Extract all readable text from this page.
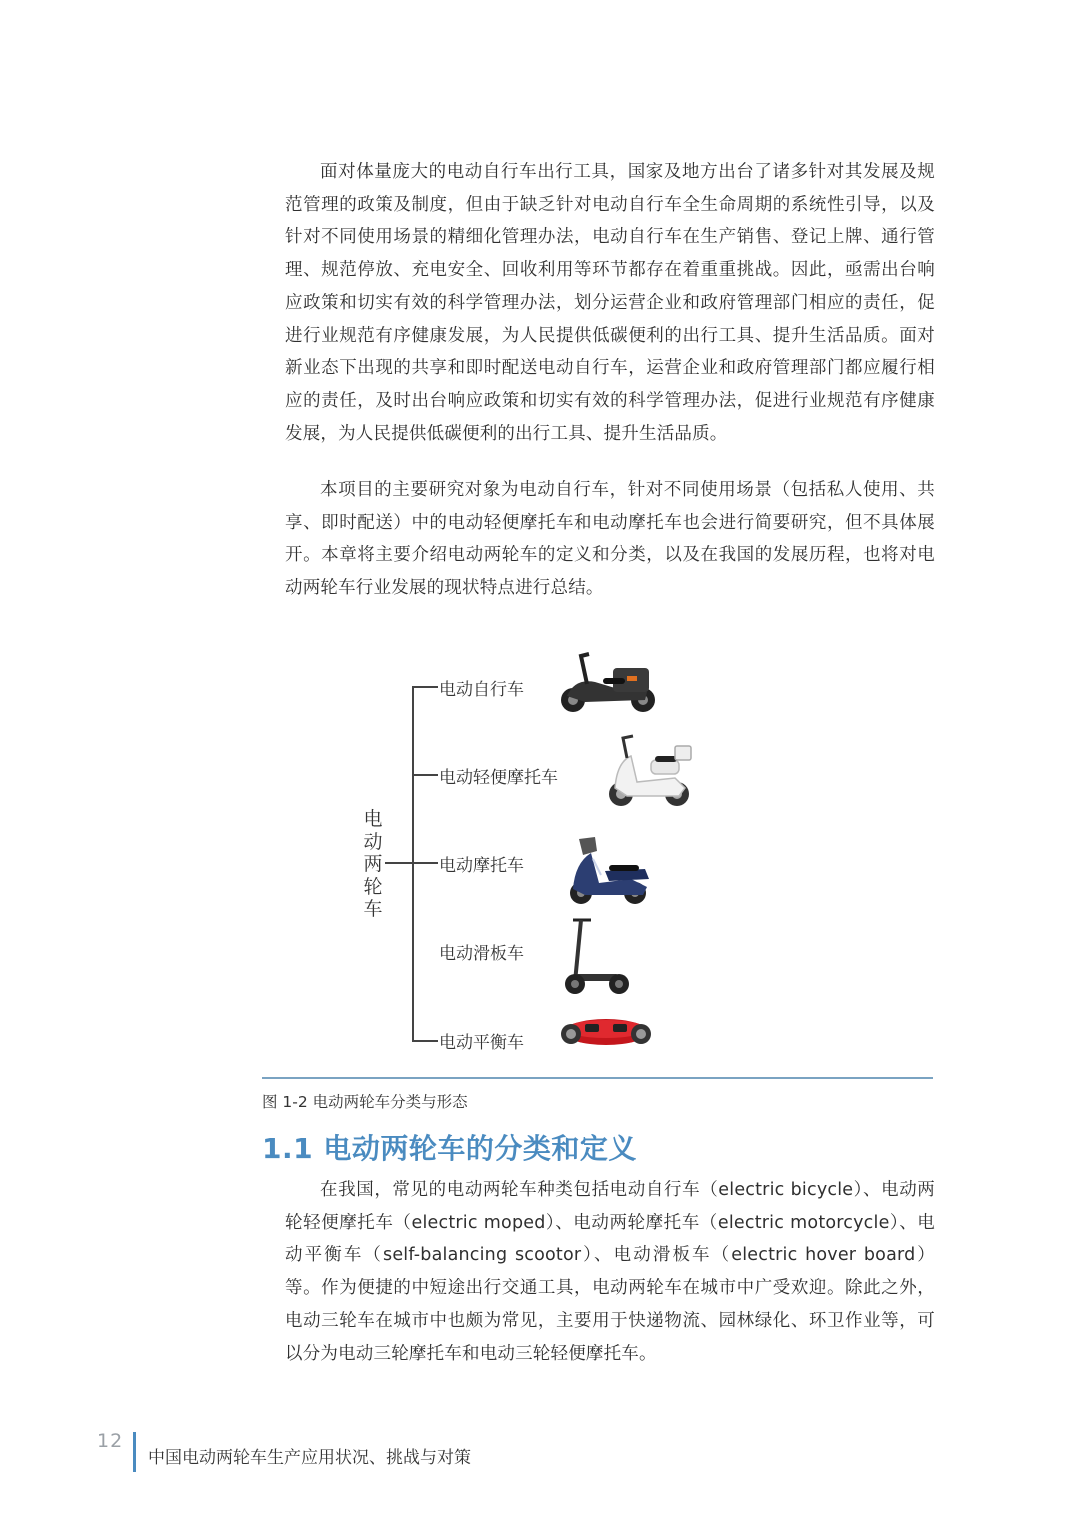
面对体量庞大的电动自行车出行工具，国家及地方出台了诸多针对其发展及规范管理的政策及制度，但由于缺乏针对电动自行车全生命周期的系统性引导，以及针对不同使用场景的精细化管理办法，电动自行车在生产销售、登记上牌、通行管理、规范停放、充电安全、回收利用等环节都存在着重重挑战。因此，亟需出台响应政策和切实有效的科学管理办法，划分运营企业和政府管理部门相应的责任，促进行业规范有序健康发展，为人民提供低碳便利的出行工具、提升生活品质。面对新业态下出现的共享和即时配送电动自行车，运营企业和政府管理部门都应履行相应的责任，及时出台响应政策和切实有效的科学管理办法，促进行业规范有序健康发展，为人民提供低碳便利的出行工具、提升生活品质。

本项目的主要研究对象为电动自行车，针对不同使用场景（包括私人使用、共享、即时配送）中的电动轻便摩托车和电动摩托车也会进行简要研究，但不具体展开。本章将主要介绍电动两轮车的定义和分类，以及在我国的发展历程，也将对电动两轮车行业发展的现状特点进行总结。

电
动
两
轮
车
电动自行车
电动轻便摩托车
电动摩托车
电动滑板车
电动平衡车
图 1-2 电动两轮车分类与形态
1.1 电动两轮车的分类和定义

在我国，常见的电动两轮车种类包括电动自行车（electric bicycle）、电动两轮轻便摩托车（electric moped）、电动两轮摩托车（electric motorcycle）、电动平衡车（self-balancing scootor）、电动滑板车（electric hover board）等。作为便捷的中短途出行交通工具，电动两轮车在城市中广受欢迎。除此之外，电动三轮车在城市中也颇为常见，主要用于快递物流、园林绿化、环卫作业等，可以分为电动三轮摩托车和电动三轮轻便摩托车。

12
中国电动两轮车生产应用状况、挑战与对策
